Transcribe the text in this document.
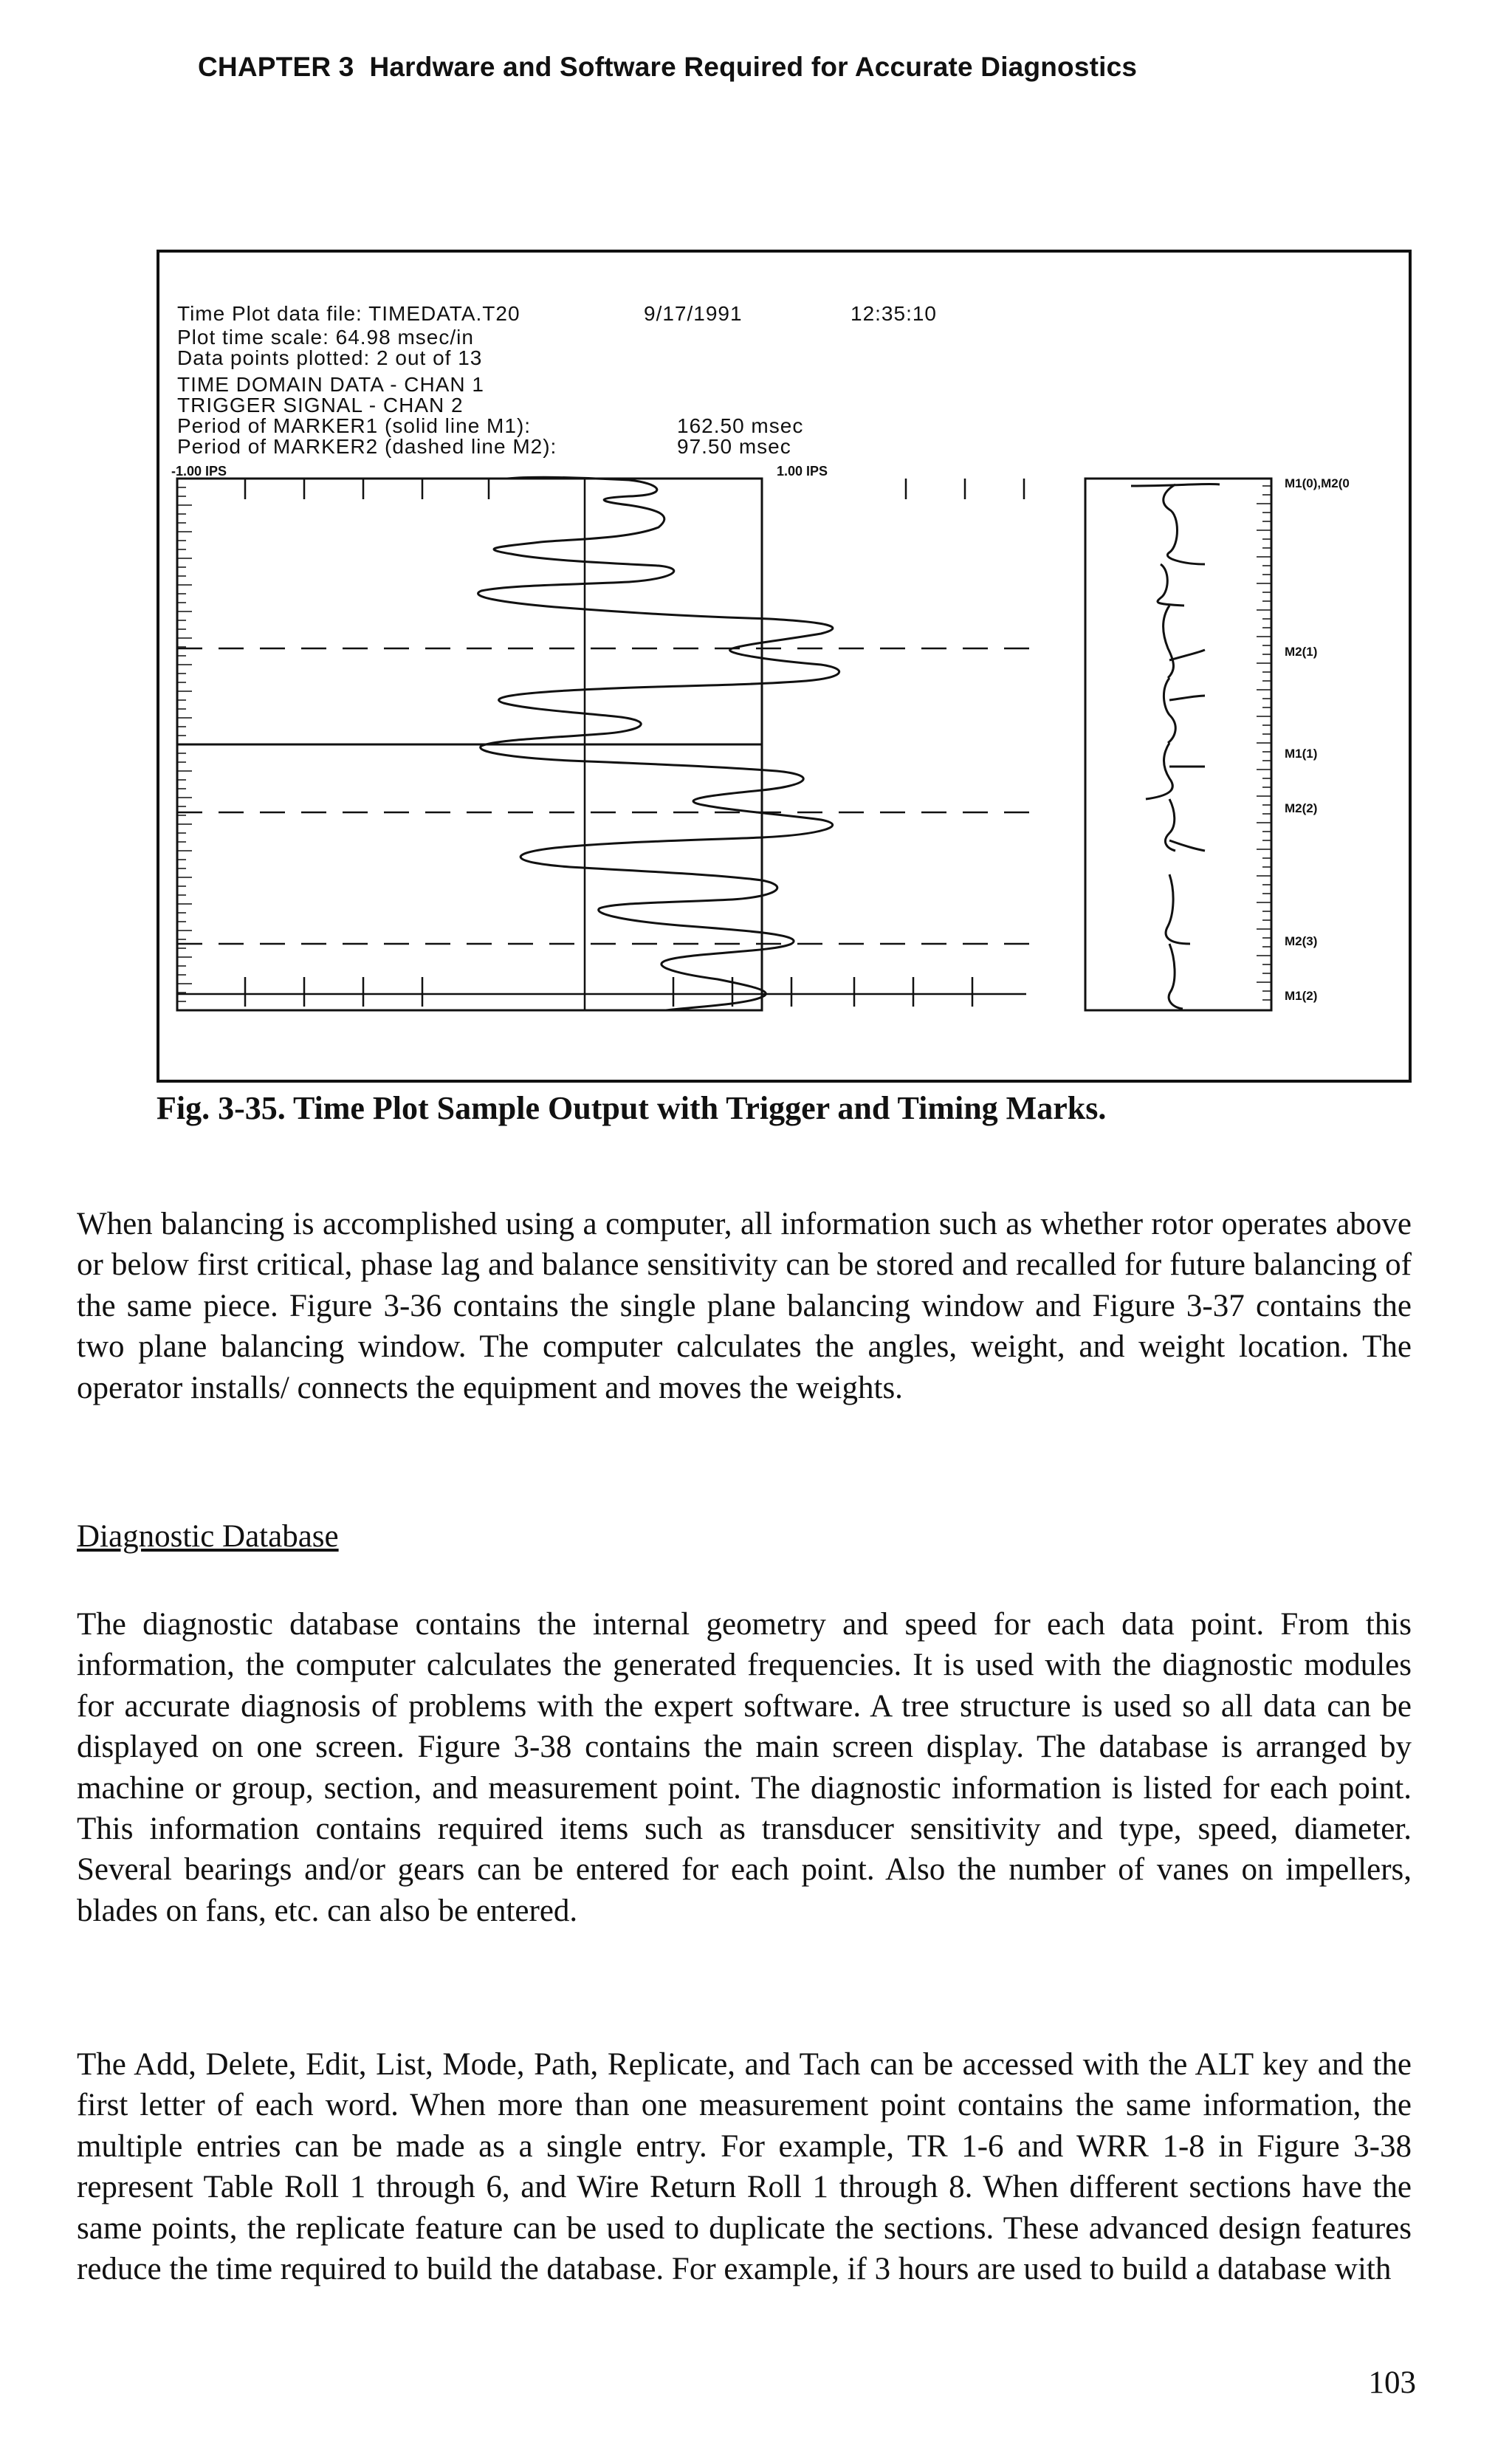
CHAPTER 3 Hardware and Software Required for Accurate Diagnostics
Time Plot data file: TIMEDATA.T20	9/17/1991	12:35:10
Plot time scale: 64.98 msec/in
Data points plotted: 2 out of 13
TIME DOMAIN DATA - CHAN 1
TRIGGER SIGNAL - CHAN 2
Period of MARKER1 (solid line M1):	162.50 msec
Period of MARKER2 (dashed line M2):	97.50 msec
-1.00 IPS	1.00 IPS
M1(0),M2(0
M2(1)
M1(1)
M2(2)
M2(3)
M1(2)
Fig. 3-35. Time Plot Sample Output with Trigger and Timing Marks.

When balancing is accomplished using a computer, all information such as whether rotor operates above or below first critical, phase lag and balance sensitivity can be stored and recalled for future balancing of the same piece. Figure 3-36 contains the single plane balancing window and Figure 3-37 contains the two plane balancing window. The computer calculates the angles, weight, and weight location. The operator installs/ connects the equipment and moves the weights.

Diagnostic Database

The diagnostic database contains the internal geometry and speed for each data point. From this information, the computer calculates the generated frequencies. It is used with the diagnostic modules for accurate diagnosis of problems with the expert software. A tree structure is used so all data can be displayed on one screen. Figure 3-38 contains the main screen display. The database is arranged by machine or group, section, and measurement point. The diagnostic information is listed for each point. This information contains required items such as transducer sensitivity and type, speed, diameter. Several bearings and/or gears can be entered for each point. Also the number of vanes on impellers, blades on fans, etc. can also be entered.

The Add, Delete, Edit, List, Mode, Path, Replicate, and Tach can be accessed with the ALT key and the first letter of each word. When more than one measurement point contains the same information, the multiple entries can be made as a single entry. For example, TR 1-6 and WRR 1-8 in Figure 3-38 represent Table Roll 1 through 6, and Wire Return Roll 1 through 8. When different sections have the same points, the replicate feature can be used to duplicate the sections. These advanced design features reduce the time required to build the database. For example, if 3 hours are used to build a database with

103
